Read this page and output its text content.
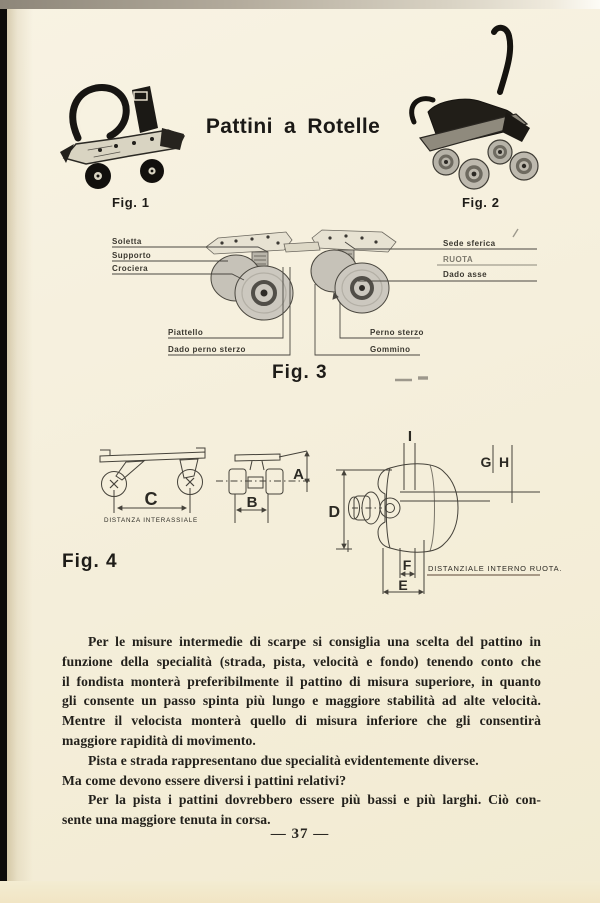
C
A
B
I
G H
D
F
E
DISTANZA INTERASSIALE
DISTANZIALE INTERNO RUOTA.
Pattini a Rotelle
Fig. 1	Fig. 2
Fig. 3
Fig. 4
Soletta
Supporto
Crociera
Piattello
Dado perno sterzo
Sede sferica
RUOTA
Dado asse
Perno sterzo
Gommino
Per le misure intermedie di scarpe si consiglia una scelta del pattino in
funzione della specialità (strada, pista, velocità e fondo) tenendo conto che
il fondista monterà preferibilmente il pattino di misura superiore, in quanto
gli consente un passo spinta più lungo e maggiore stabilità ad alte velocità.
Mentre il velocista monterà quello di misura inferiore che gli consentirà
maggiore rapidità di movimento.
Pista e strada rappresentano due specialità evidentemente diverse.
Ma come devono essere diversi i pattini relativi?
Per la pista i pattini dovrebbero essere più bassi e più larghi. Ciò con-
sente una maggiore tenuta in corsa.
— 37 —
